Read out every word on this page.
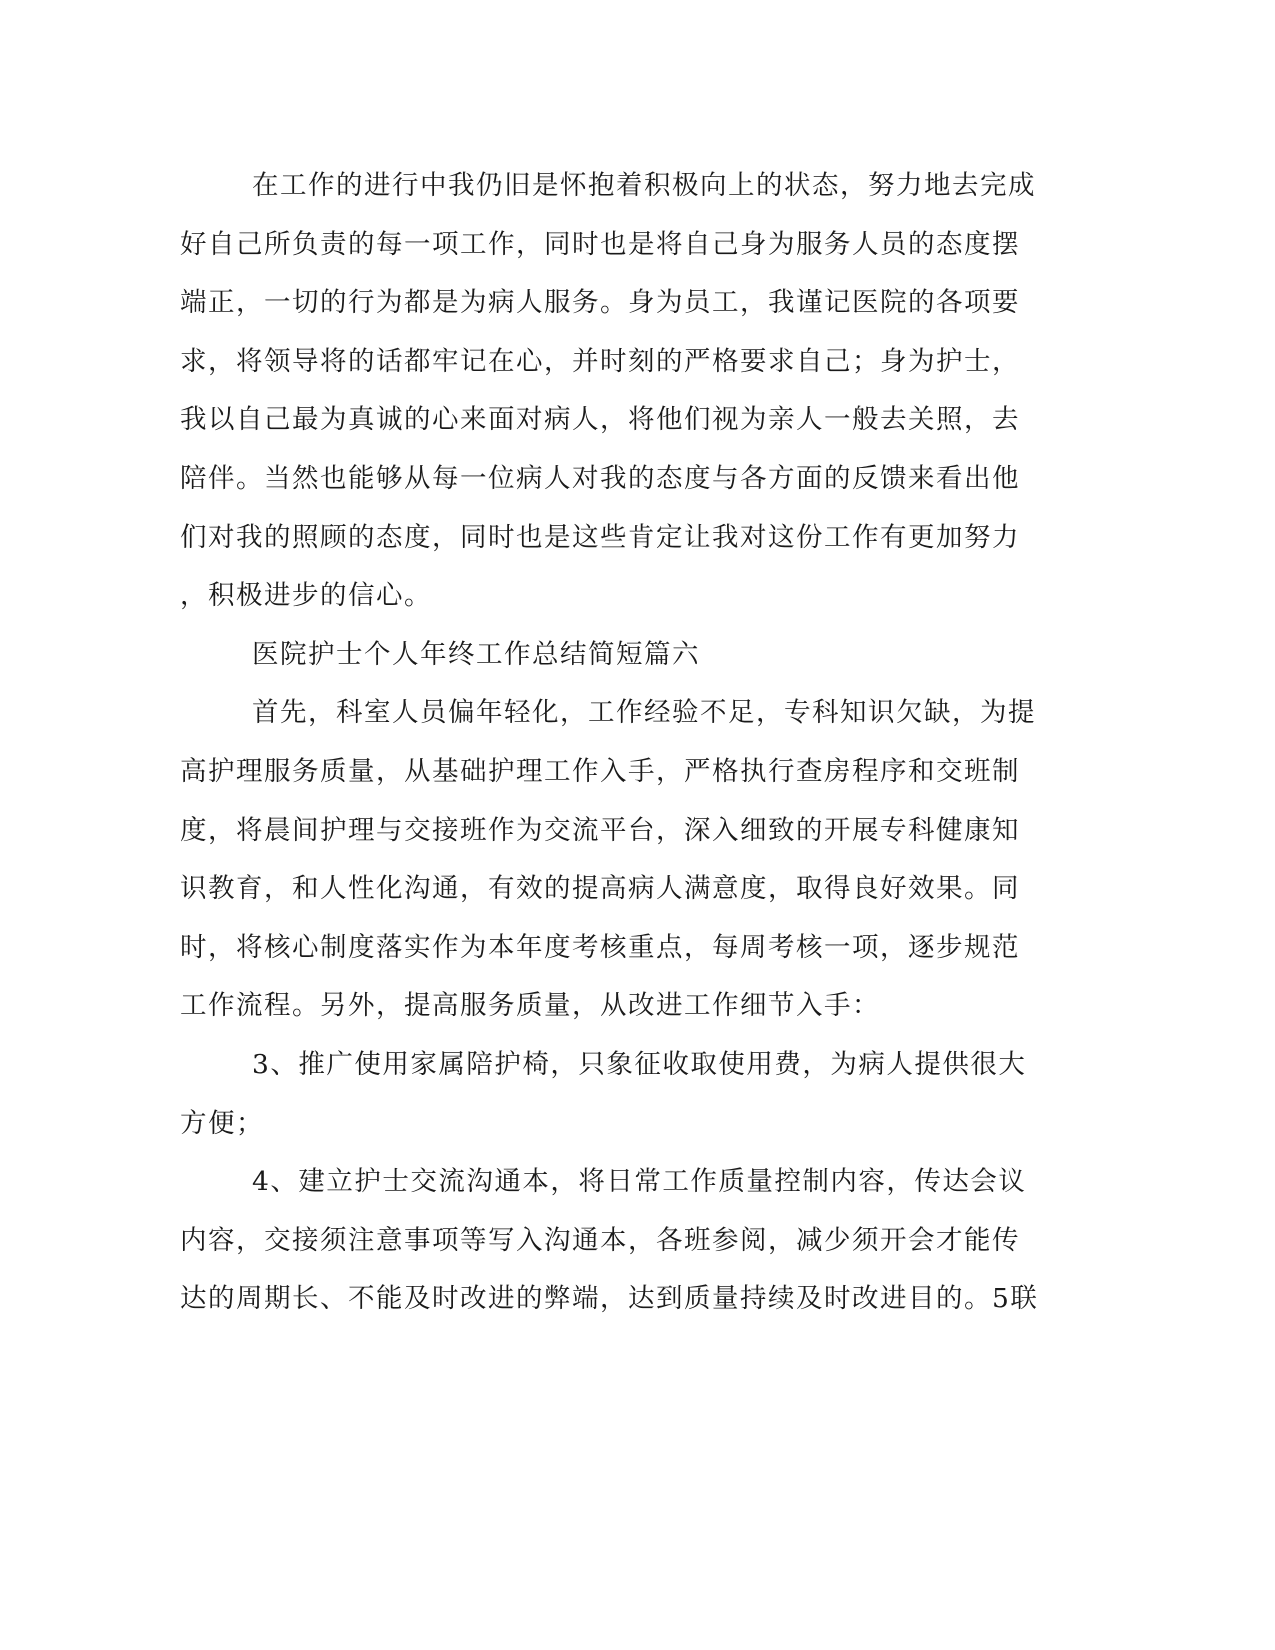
在工作的进行中我仍旧是怀抱着积极向上的状态，努力地去完成
好自己所负责的每一项工作，同时也是将自己身为服务人员的态度摆
端正，一切的行为都是为病人服务。身为员工，我谨记医院的各项要
求，将领导将的话都牢记在心，并时刻的严格要求自己；身为护士，
我以自己最为真诚的心来面对病人，将他们视为亲人一般去关照，去
陪伴。当然也能够从每一位病人对我的态度与各方面的反馈来看出他
们对我的照顾的态度，同时也是这些肯定让我对这份工作有更加努力
，积极进步的信心。
医院护士个人年终工作总结简短篇六
首先，科室人员偏年轻化，工作经验不足，专科知识欠缺，为提
高护理服务质量，从基础护理工作入手，严格执行查房程序和交班制
度，将晨间护理与交接班作为交流平台，深入细致的开展专科健康知
识教育，和人性化沟通，有效的提高病人满意度，取得良好效果。同
时，将核心制度落实作为本年度考核重点，每周考核一项，逐步规范
工作流程。另外，提高服务质量，从改进工作细节入手：
3、推广使用家属陪护椅，只象征收取使用费，为病人提供很大
方便；
4、建立护士交流沟通本，将日常工作质量控制内容，传达会议
内容，交接须注意事项等写入沟通本，各班参阅，减少须开会才能传
达的周期长、不能及时改进的弊端，达到质量持续及时改进目的。5联
